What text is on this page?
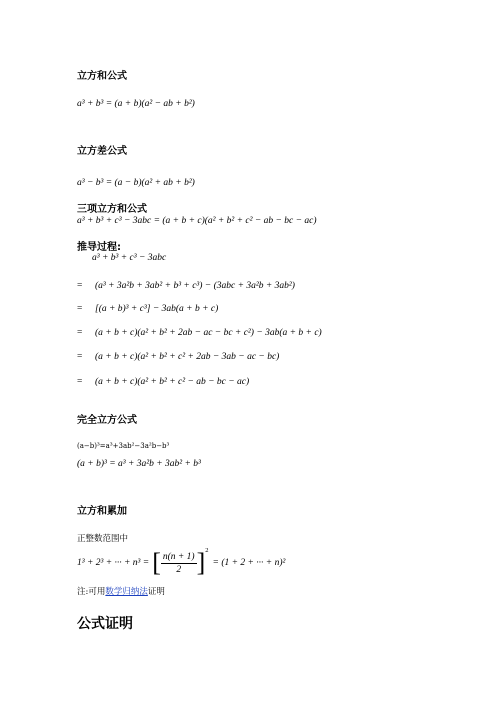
立方和公式
a³ + b³ = (a + b)(a² − ab + b²)
立方差公式
a³ − b³ = (a − b)(a² + ab + b²)
三项立方和公式
a³ + b³ + c³ − 3abc = (a + b + c)(a² + b² + c² − ab − bc − ac)
推导过程:
a³ + b³ + c³ − 3abc
= (a³ + 3a²b + 3ab² + b³ + c³) − (3abc + 3a²b + 3ab²)
= [(a + b)³ + c³] − 3ab(a + b + c)
= (a + b + c)(a² + b² + 2ab − ac − bc + c²) − 3ab(a + b + c)
= (a + b + c)(a² + b² + c² + 2ab − 3ab − ac − bc)
= (a + b + c)(a² + b² + c² − ab − bc − ac)
完全立方公式
(a−b)³=a³+3ab²−3a²b−b³
(a + b)³ = a³ + 3a²b + 3ab² + b³
立方和累加
正整数范围中
1³ + 2³ + ··· + n³ = [ $\frac{n(n + 1)}{2}$ ] 2
= (1 + 2 + ··· + n)²
注:可用数学归纳法证明
公式证明
